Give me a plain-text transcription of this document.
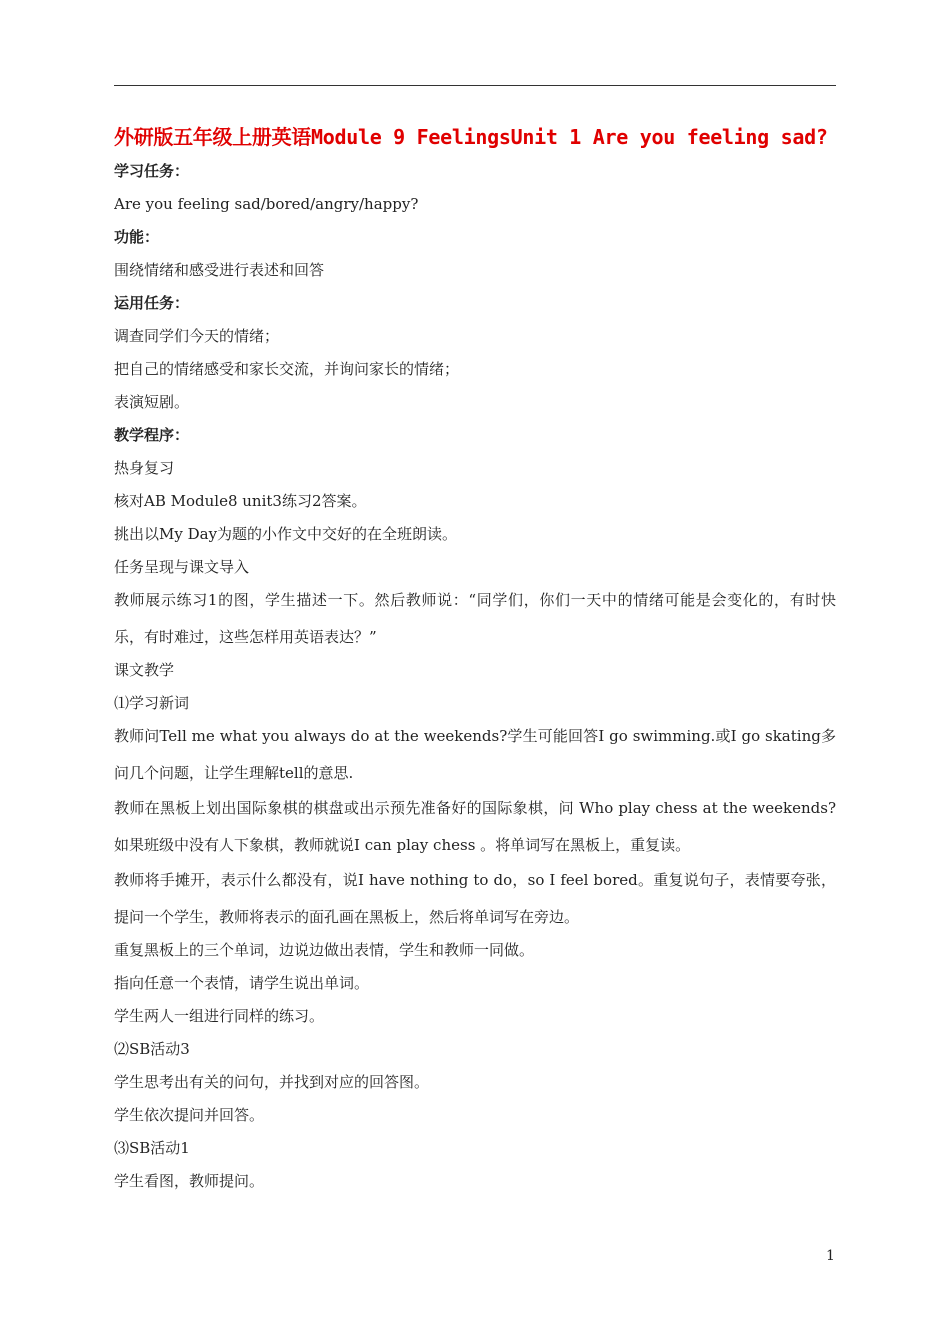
外研版五年级上册英语Module 9 FeelingsUnit 1 Are you feeling sad?
学习任务：
Are you feeling sad/bored/angry/happy?
功能：
围绕情绪和感受进行表述和回答
运用任务：
调查同学们今天的情绪；
把自己的情绪感受和家长交流，并询问家长的情绪；
表演短剧。
教学程序：
热身复习
核对AB Module8 unit3练习2答案。
挑出以My Day为题的小作文中交好的在全班朗读。
任务呈现与课文导入
教师展示练习1的图，学生描述一下。然后教师说：“同学们，你们一天中的情绪可能是会变化的，有时快乐，有时难过，这些怎样用英语表达？”
课文教学
⑴学习新词
教师问Tell me what you always do at the weekends?学生可能回答I go swimming.或I go skating多问几个问题，让学生理解tell的意思.
教师在黑板上划出国际象棋的棋盘或出示预先准备好的国际象棋，问 Who play chess at the weekends? 如果班级中没有人下象棋，教师就说I can play chess 。将单词写在黑板上，重复读。
教师将手摊开，表示什么都没有，说I have nothing to do，so I feel bored。重复说句子，表情要夸张，提问一个学生，教师将表示的面孔画在黑板上，然后将单词写在旁边。
重复黑板上的三个单词，边说边做出表情，学生和教师一同做。
指向任意一个表情，请学生说出单词。
学生两人一组进行同样的练习。
⑵SB活动3
学生思考出有关的问句，并找到对应的回答图。
学生依次提问并回答。
⑶SB活动1
学生看图，教师提问。
1
